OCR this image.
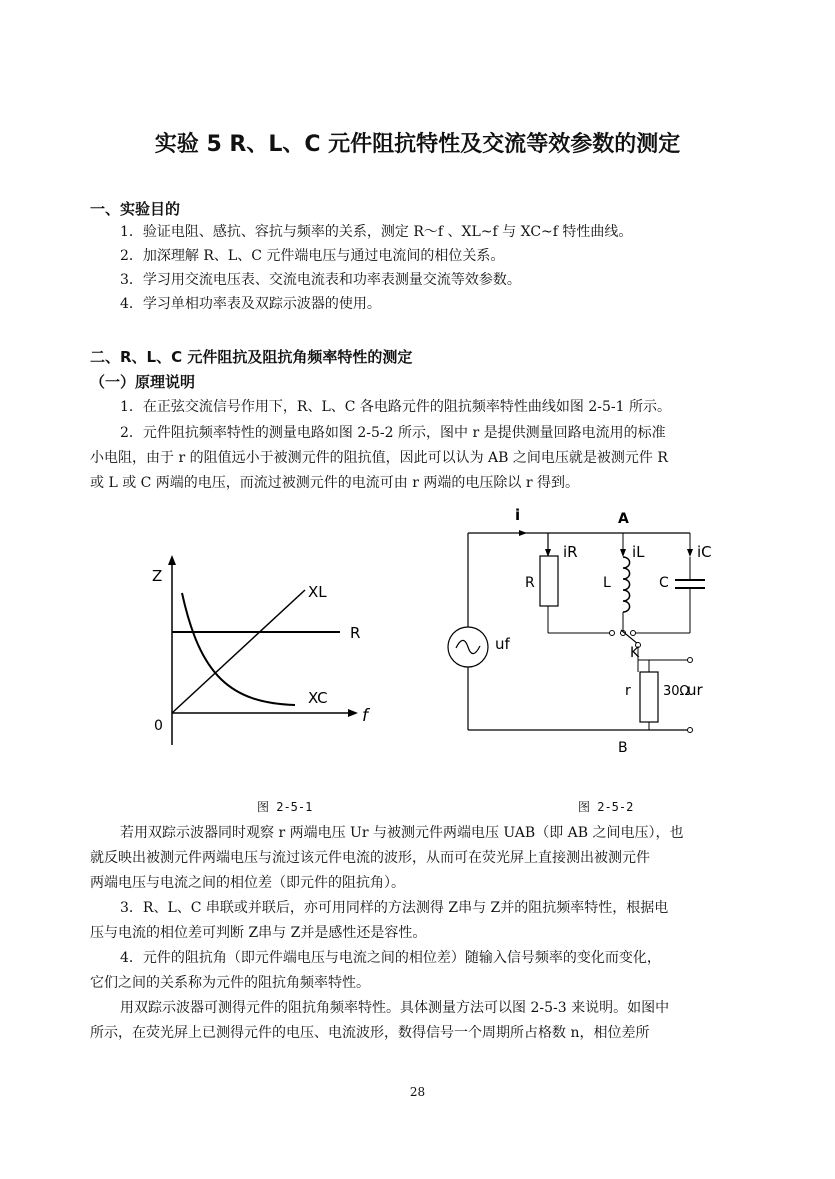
实验 5 R、L、C 元件阻抗特性及交流等效参数的测定
一、实验目的
1．验证电阻、感抗、容抗与频率的关系，测定 R～f 、XL~f 与 XC~f 特性曲线。
2．加深理解 R、L、C 元件端电压与通过电流间的相位关系。
3．学习用交流电压表、交流电流表和功率表测量交流等效参数。
4．学习单相功率表及双踪示波器的使用。
二、R、L、C 元件阻抗及阻抗角频率特性的测定
（一）原理说明
1．在正弦交流信号作用下，R、L、C 各电路元件的阻抗频率特性曲线如图 2-5-1 所示。
2．元件阻抗频率特性的测量电路如图 2-5-2 所示，图中 r 是提供测量回路电流用的标准
小电阻，由于 r 的阻值远小于被测元件的阻抗值，因此可以认为 AB 之间电压就是被测元件 R
或 L 或 C 两端的电压，而流过被测元件的电流可由 r 两端的电压除以 r 得到。
Z
XL
R
XC
f
0
i	A
iR	iL	iC
R	L	C
uf	K
r 30Ω
ur
B
图 2-5-1	图 2-5-2
若用双踪示波器同时观察 r 两端电压 Ur 与被测元件两端电压 UAB（即 AB 之间电压），也
就反映出被测元件两端电压与流过该元件电流的波形，从而可在荧光屏上直接测出被测元件
两端电压与电流之间的相位差（即元件的阻抗角）。
3．R、L、C 串联或并联后，亦可用同样的方法测得 Z串与 Z并的阻抗频率特性，根据电
压与电流的相位差可判断 Z串与 Z并是感性还是容性。
4．元件的阻抗角（即元件端电压与电流之间的相位差）随输入信号频率的变化而变化，
它们之间的关系称为元件的阻抗角频率特性。
用双踪示波器可测得元件的阻抗角频率特性。具体测量方法可以图 2-5-3 来说明。如图中
所示，在荧光屏上已测得元件的电压、电流波形，数得信号一个周期所占格数 n，相位差所
28
